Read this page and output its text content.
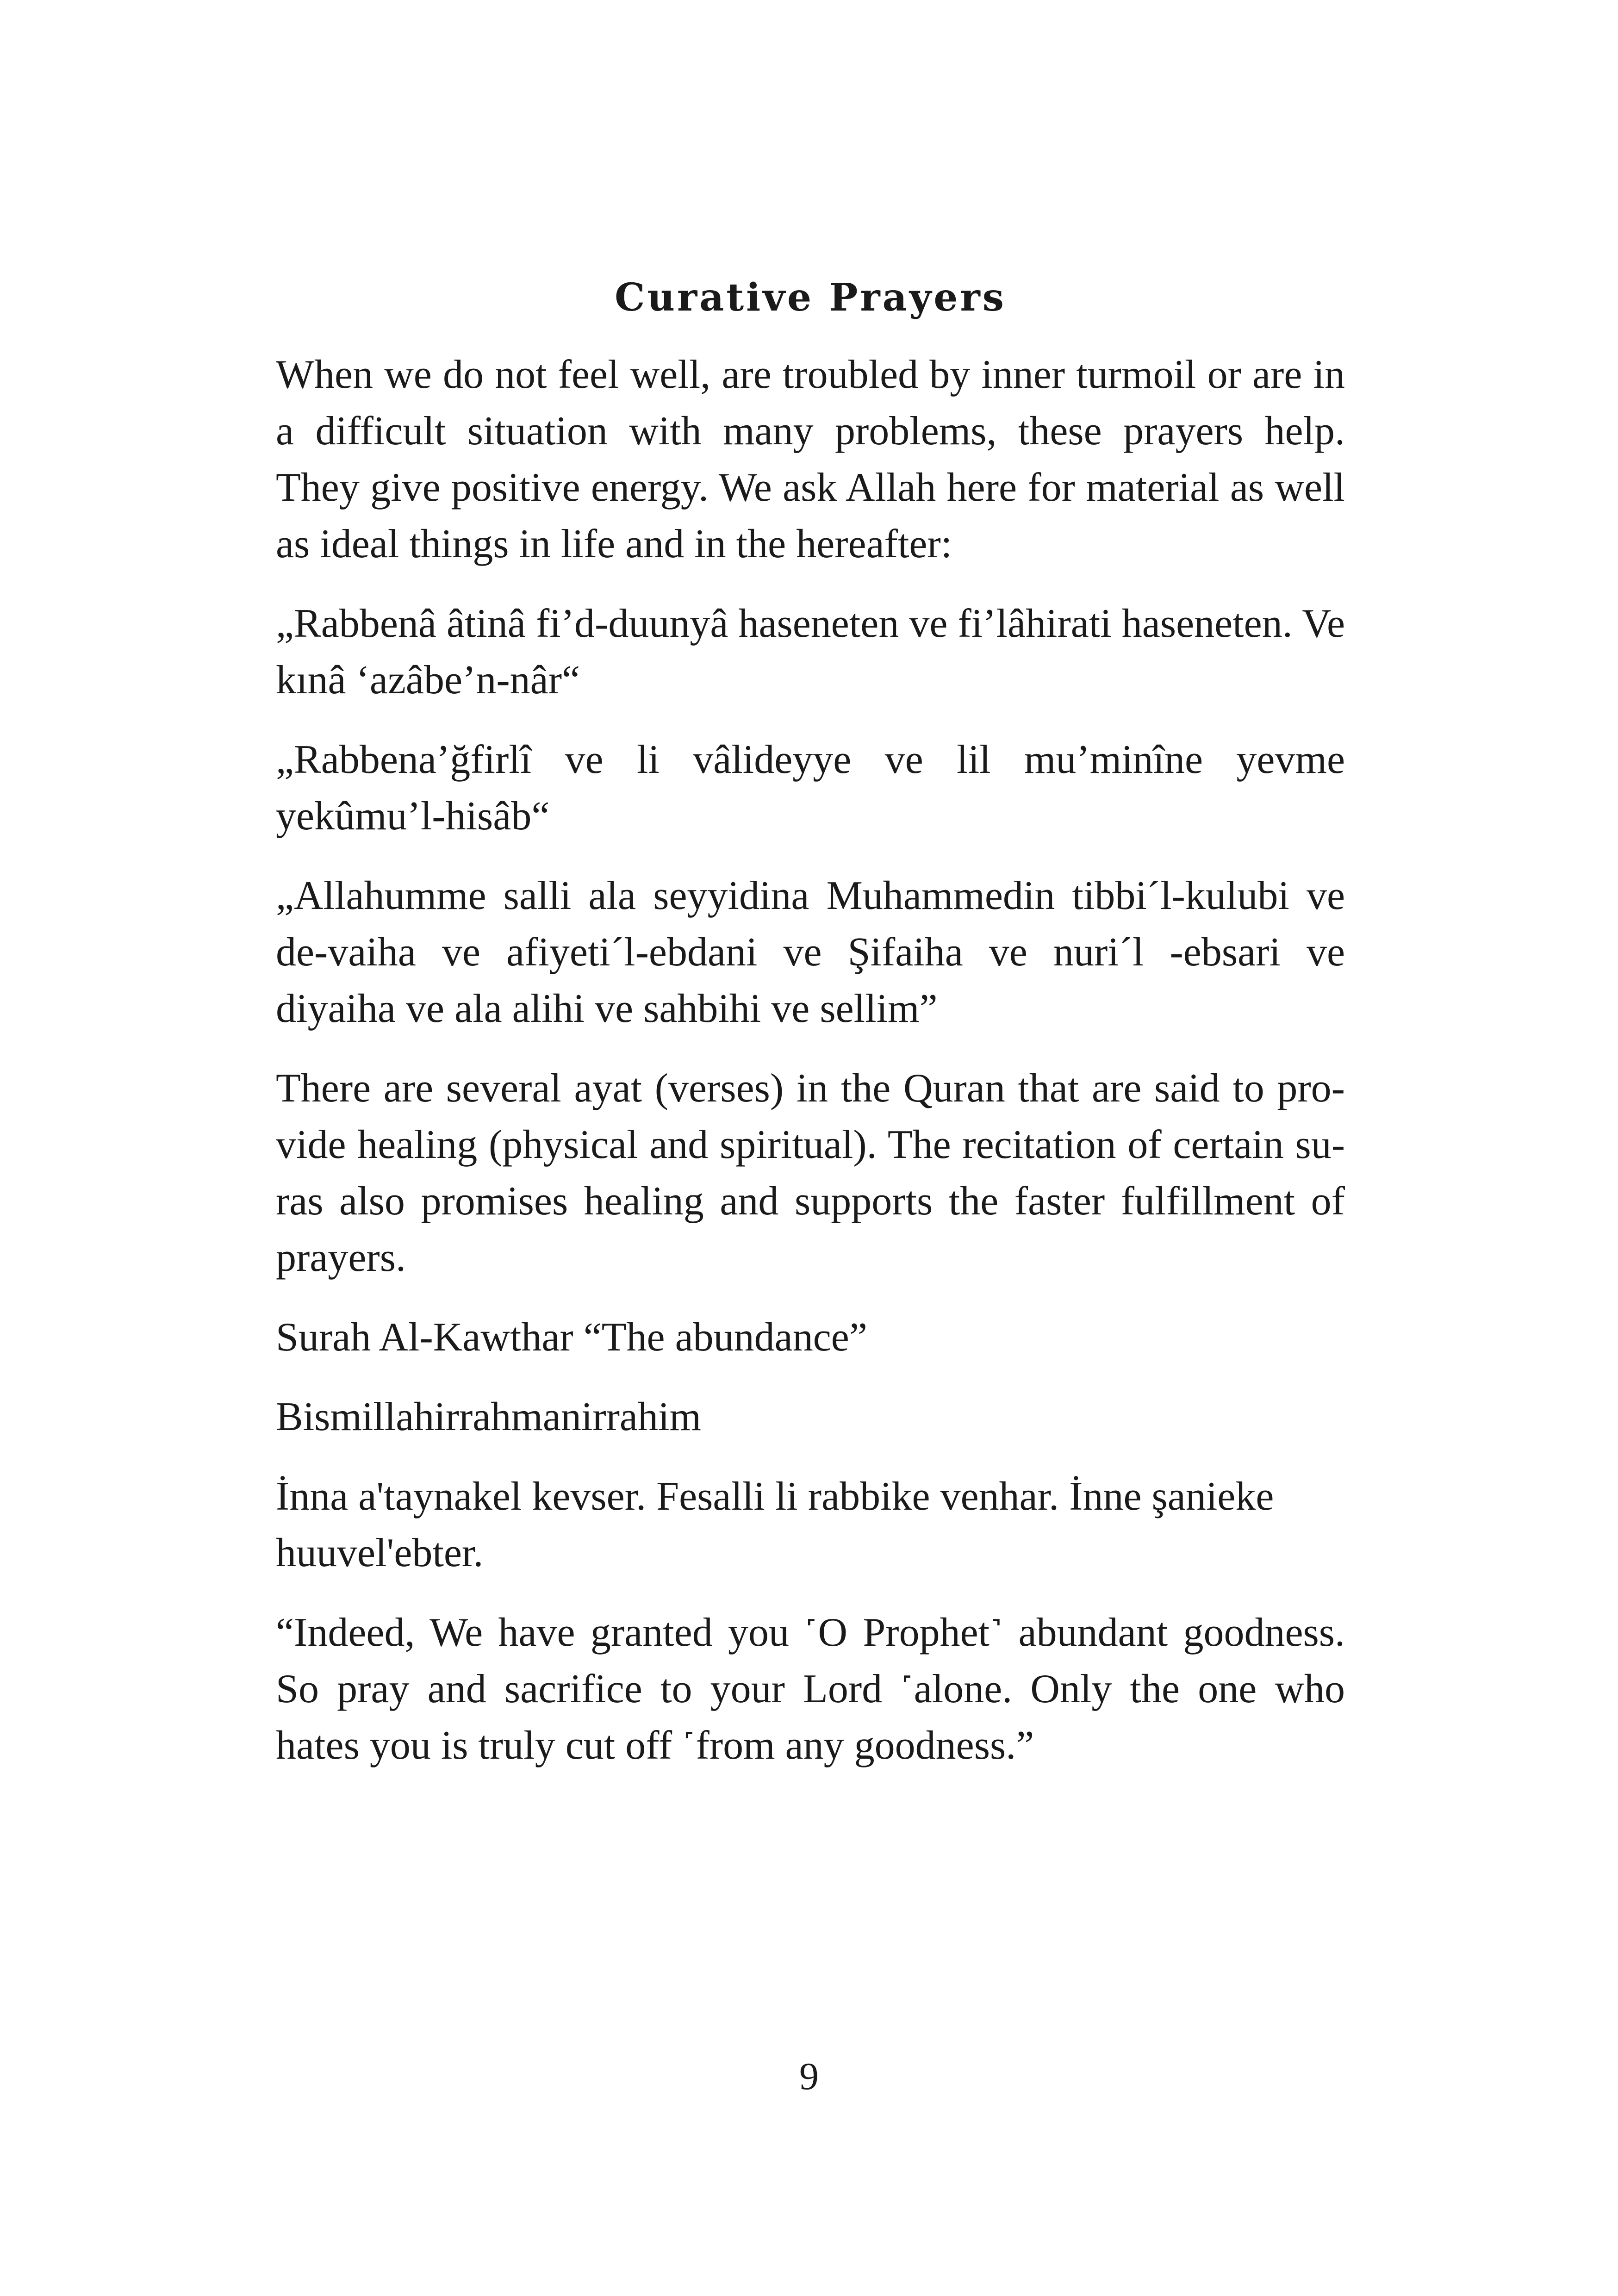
Curative Prayers

When we do not feel well, are troubled by inner turmoil or are in a difficult situation with many problems, these prayers help. They give positive energy. We ask Allah here for material as well as ideal things in life and in the hereafter:

„Rabbenâ âtinâ fi’d-duunyâ haseneten ve fi’lâhirati haseneten. Ve kınâ ‘azâbe’n-nâr“

„Rabbena’ğfirlî ve li vâlideyye ve lil mu’minîne yevme yekûmu’l-hisâb“

„Allahumme salli ala seyyidina Muhammedin tibbi´l-kulubi ve de-vaiha ve afiyeti´l-ebdani ve Şifaiha ve nuri´l -ebsari ve diyaiha ve ala alihi ve sahbihi ve sellim”

There are several ayat (verses) in the Quran that are said to pro-vide healing (physical and spiritual). The recitation of certain su-ras also promises healing and supports the faster fulfillment of prayers.

Surah Al-Kawthar “The abundance”

Bismillahirrahmanirrahim

İnna a'taynakel kevser. Fesalli li rabbike venhar. İnne şanieke huuvel'ebter.

“Indeed, We have granted you ˹O Prophet˺ abundant goodness. So pray and sacrifice to your Lord ˹alone. Only the one who hates you is truly cut off ˹from any goodness.”

9
